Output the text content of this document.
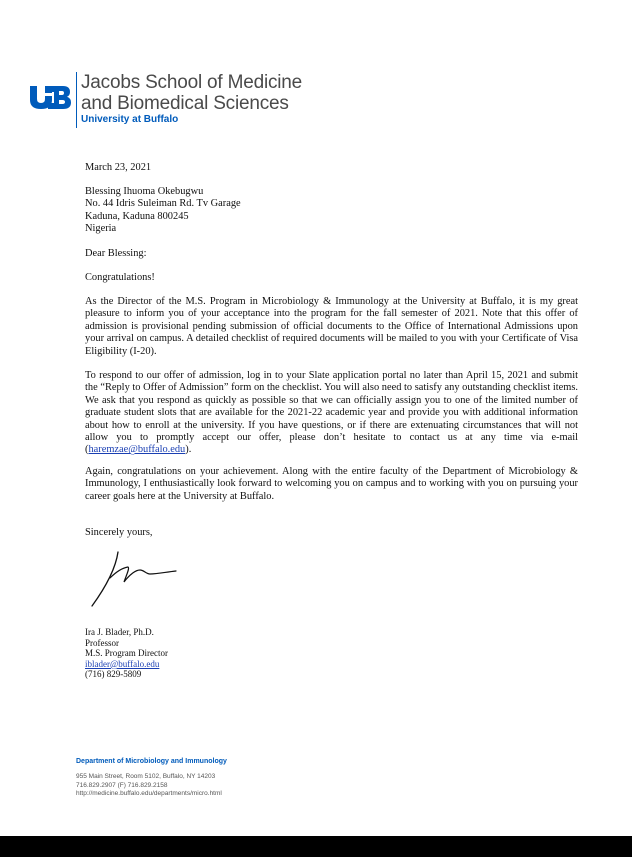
Jacobs School of Medicine
and Biomedical Sciences
University at Buffalo
March 23, 2021
Blessing Ihuoma Okebugwu
No. 44 Idris Suleiman Rd. Tv Garage
Kaduna, Kaduna 800245
Nigeria
Dear Blessing:
Congratulations!
As the Director of the M.S. Program in Microbiology & Immunology at the University at Buffalo, it is my great pleasure to inform you of your acceptance into the program for the fall semester of 2021. Note that this offer of admission is provisional pending submission of official documents to the Office of International Admissions upon your arrival on campus. A detailed checklist of required documents will be mailed to you with your Certificate of Visa Eligibility (I-20).
To respond to our offer of admission, log in to your Slate application portal no later than April 15, 2021 and submit the “Reply to Offer of Admission” form on the checklist. You will also need to satisfy any outstanding checklist items. We ask that you respond as quickly as possible so that we can officially assign you to one of the limited number of graduate student slots that are available for the 2021-22 academic year and provide you with additional information about how to enroll at the university. If you have questions, or if there are extenuating circumstances that will not allow you to promptly accept our offer, please don’t hesitate to contact us at any time via e-mail (haremzae@buffalo.edu).
Again, congratulations on your achievement. Along with the entire faculty of the Department of Microbiology & Immunology, I enthusiastically look forward to welcoming you on campus and to working with you on pursuing your career goals here at the University at Buffalo.
Sincerely yours,
Ira J. Blader, Ph.D.
Professor
M.S. Program Director
iblader@buffalo.edu
(716) 829-5809
Department of Microbiology and Immunology
955 Main Street, Room 5102, Buffalo, NY 14203
716.829.2907 (F) 716.829.2158
http://medicine.buffalo.edu/departments/micro.html
